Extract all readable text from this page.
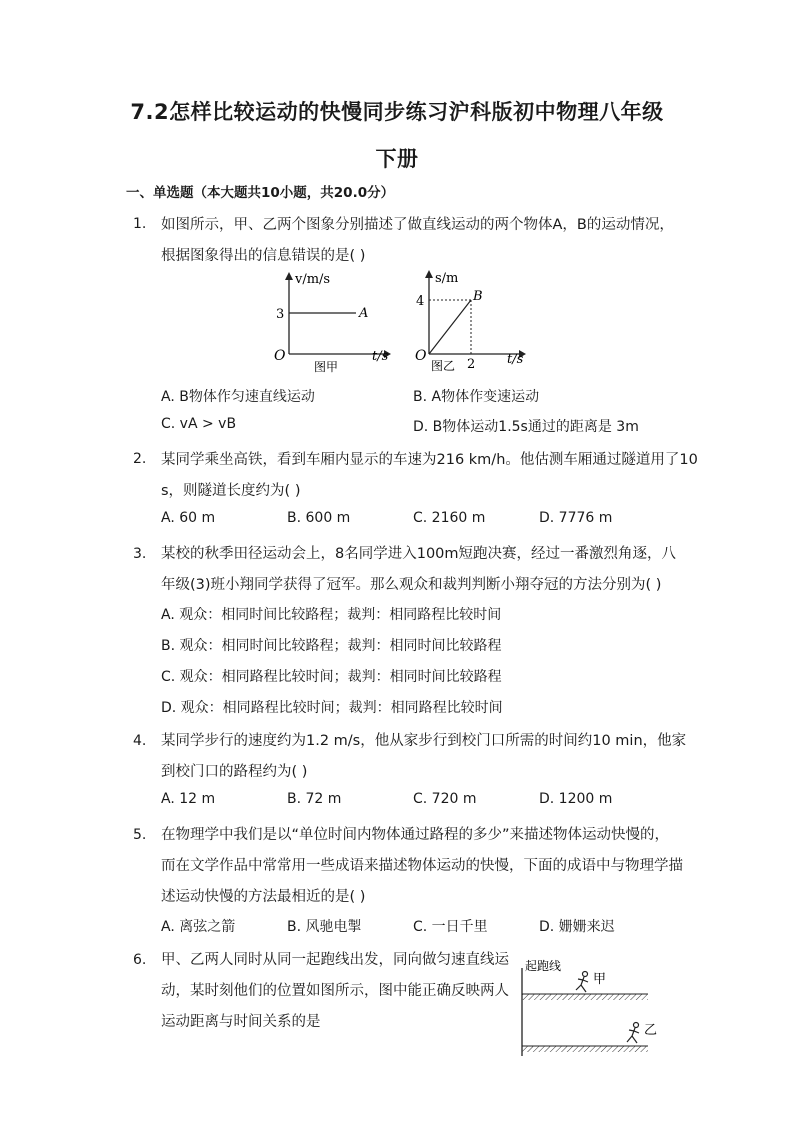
7.2怎样比较运动的快慢同步练习沪科版初中物理八年级
下册
一、单选题（本大题共10小题，共20.0分）
1. 如图所示，甲、乙两个图象分别描述了做直线运动的两个物体A，B的运动情况，
根据图象得出的信息错误的是( )
v/m/s
3	A
O	t/s
图甲
s/m
4	B
O
2 t/s
图乙
A. B物体作匀速直线运动	B. A物体作变速运动
C. vA > vB	D. B物体运动1.5s通过的距离是 3m
2. 某同学乘坐高铁，看到车厢内显示的车速为216 km/h。他估测车厢通过隧道用了10
s，则隧道长度约为( )
A. 60 m	B. 600 m	C. 2160 m	D. 7776 m
3. 某校的秋季田径运动会上，8名同学进入100m短跑决赛，经过一番激烈角逐，八
年级(3)班小翔同学获得了冠军。那么观众和裁判判断小翔夺冠的方法分别为( )
A. 观众：相同时间比较路程；裁判：相同路程比较时间
B. 观众：相同时间比较路程；裁判：相同时间比较路程
C. 观众：相同路程比较时间；裁判：相同时间比较路程
D. 观众：相同路程比较时间；裁判：相同路程比较时间
4. 某同学步行的速度约为1.2 m/s，他从家步行到校门口所需的时间约10 min，他家
到校门口的路程约为( )
A. 12 m	B. 72 m	C. 720 m	D. 1200 m
5. 在物理学中我们是以“单位时间内物体通过路程的多少”来描述物体运动快慢的，
而在文学作品中常常用一些成语来描述物体运动的快慢，下面的成语中与物理学描
述运动快慢的方法最相近的是( )
A. 离弦之箭	B. 风驰电掣	C. 一日千里	D. 姗姗来迟
6. 甲、乙两人同时从同一起跑线出发，同向做匀速直线运
动，某时刻他们的位置如图所示，图中能正确反映两人
运动距离与时间关系的是
起跑线
甲
乙
